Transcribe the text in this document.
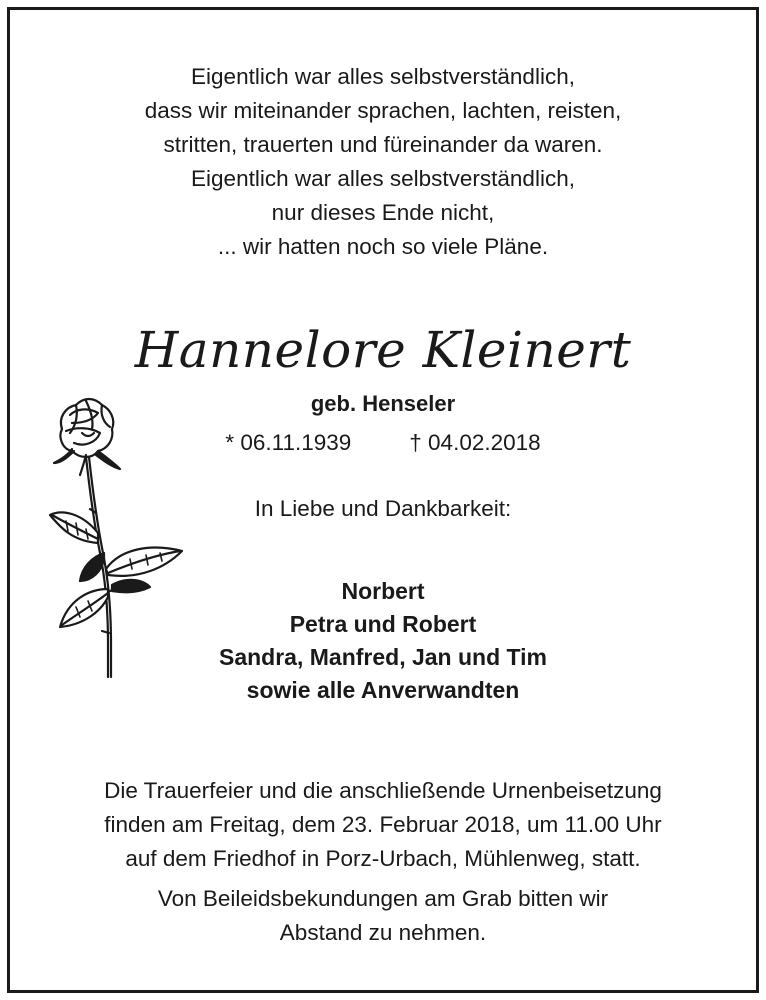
Eigentlich war alles selbstverständlich,
dass wir miteinander sprachen, lachten, reisten,
stritten, trauerten und füreinander da waren.
Eigentlich war alles selbstverständlich,
nur dieses Ende nicht,
... wir hatten noch so viele Pläne.
Hannelore Kleinert
geb. Henseler
* 06.11.1939	† 04.02.2018
In Liebe und Dankbarkeit:
Norbert
Petra und Robert
Sandra, Manfred, Jan und Tim
sowie alle Anverwandten
Die Trauerfeier und die anschließende Urnenbeisetzung
finden am Freitag, dem 23. Februar 2018, um 11.00 Uhr
auf dem Friedhof in Porz-Urbach, Mühlenweg, statt.
Von Beileidsbekundungen am Grab bitten wir
Abstand zu nehmen.
